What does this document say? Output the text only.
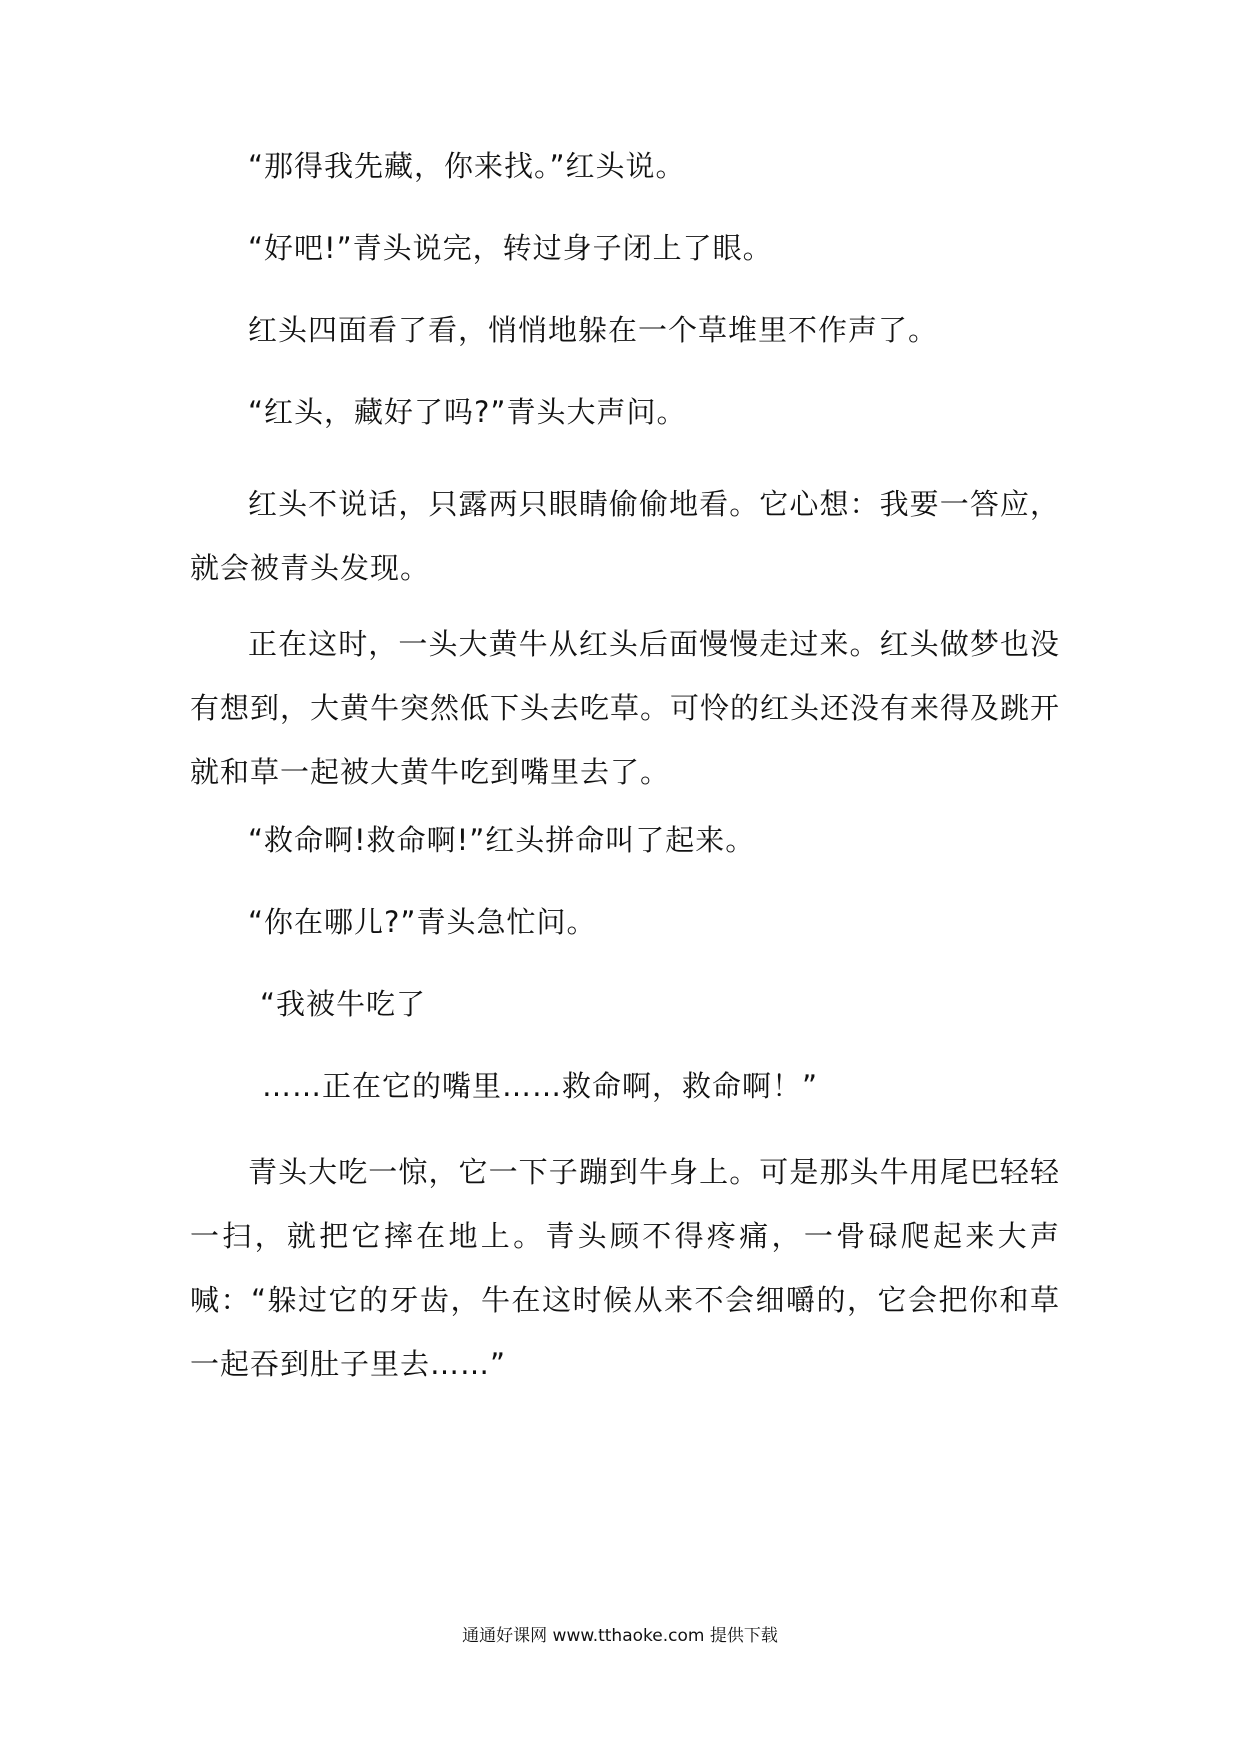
“那得我先藏，你来找。”红头说。
“好吧!”青头说完，转过身子闭上了眼。
红头四面看了看，悄悄地躲在一个草堆里不作声了。
“红头，藏好了吗?”青头大声问。
红头不说话，只露两只眼睛偷偷地看。它心想：我要一答应，就会被青头发现。
正在这时，一头大黄牛从红头后面慢慢走过来。红头做梦也没有想到，大黄牛突然低下头去吃草。可怜的红头还没有来得及跳开就和草一起被大黄牛吃到嘴里去了。
“救命啊!救命啊!”红头拼命叫了起来。
“你在哪儿?”青头急忙问。
“我被牛吃了
……正在它的嘴里……救命啊，救命啊！”
青头大吃一惊，它一下子蹦到牛身上。可是那头牛用尾巴轻轻一扫，就把它摔在地上。青头顾不得疼痛，一骨碌爬起来大声喊：“躲过它的牙齿，牛在这时候从来不会细嚼的，它会把你和草一起吞到肚子里去……”
通通好课网 www.tthaoke.com 提供下载
